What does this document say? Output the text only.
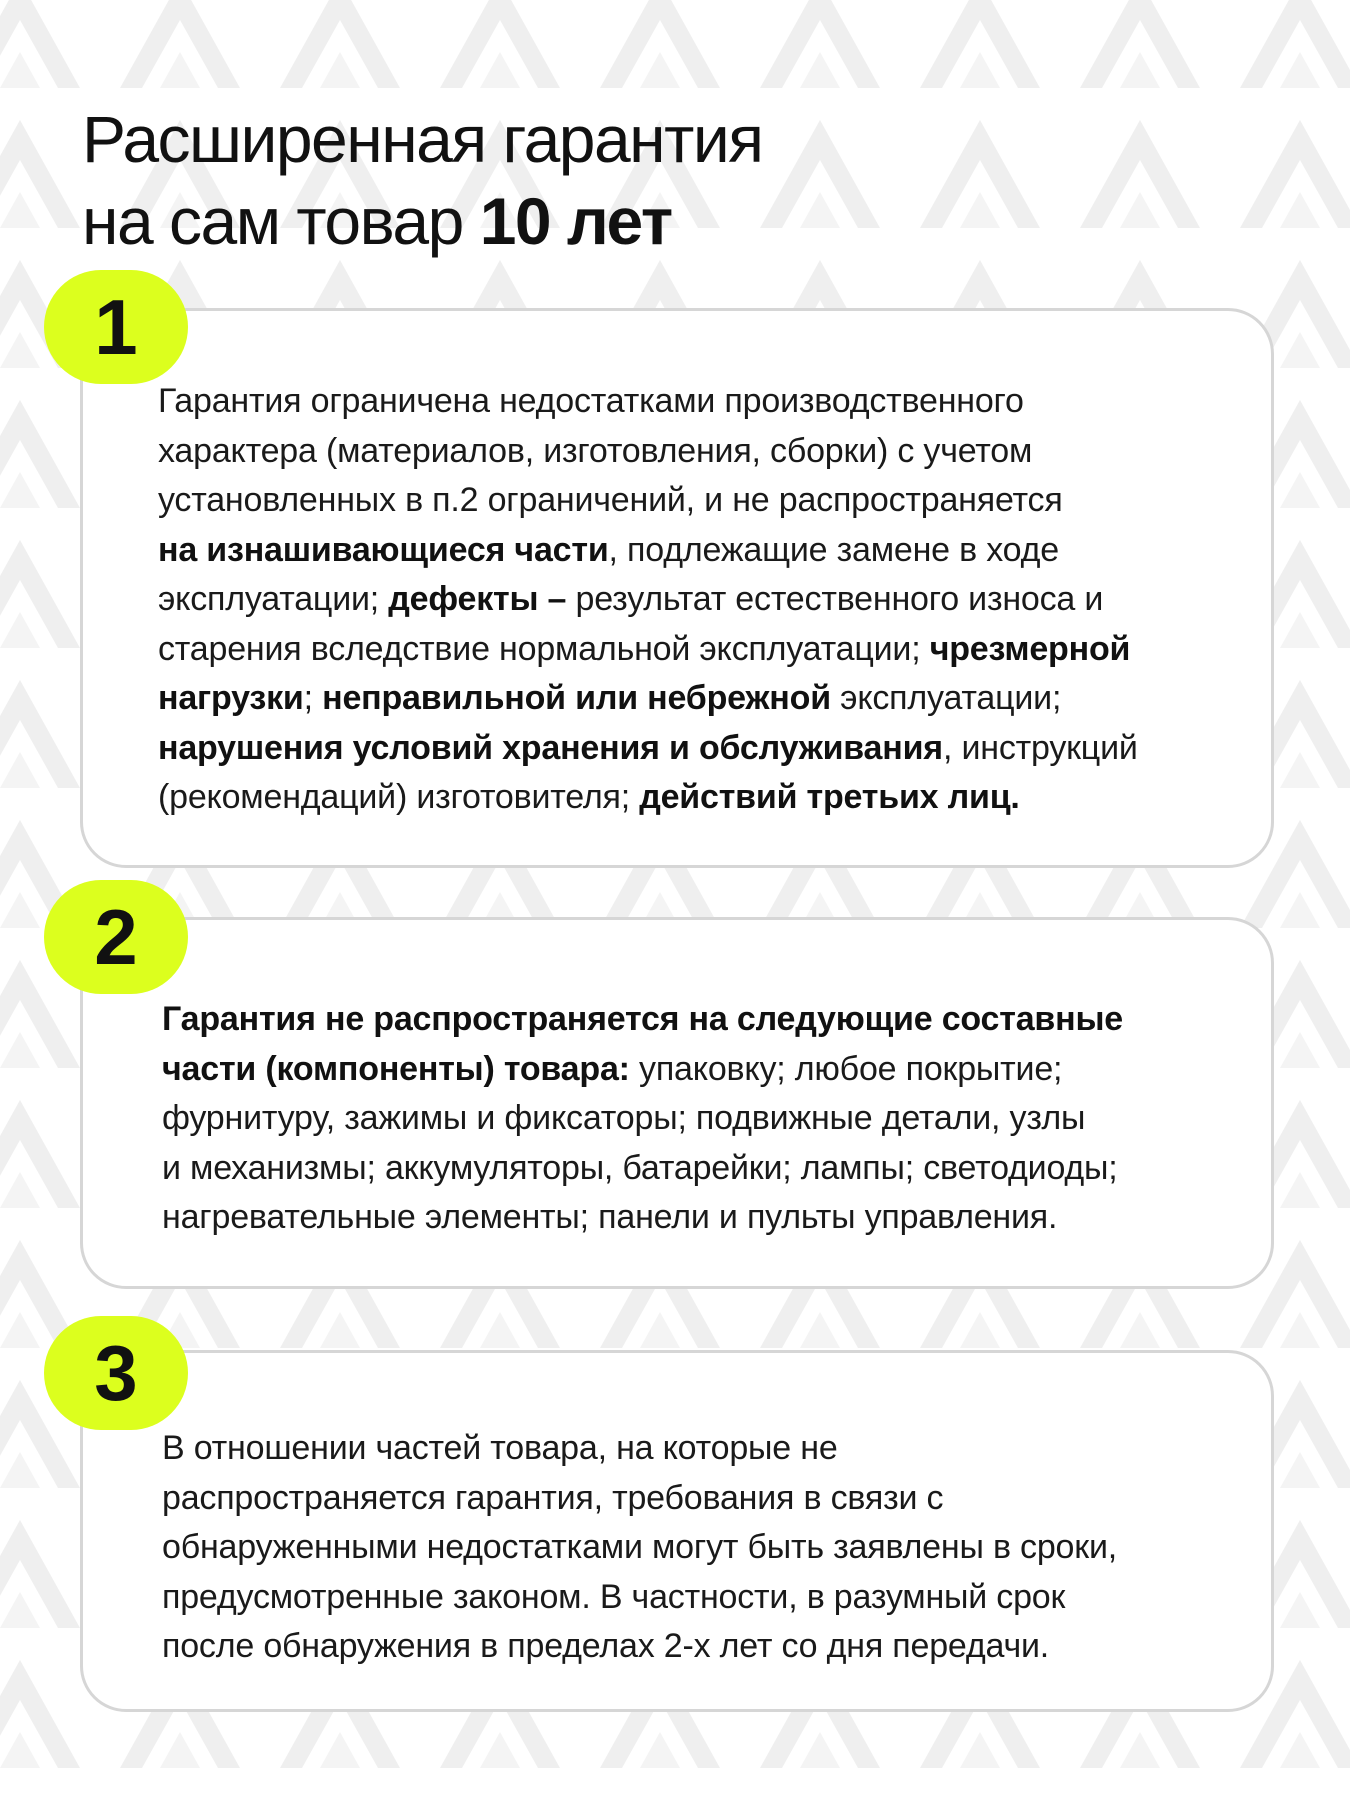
Расширенная гарантия
на сам товар 10 лет
1

Гарантия ограничена недостатками производственного
характера (материалов, изготовления, сборки) с учетом
установленных в п.2 ограничений, и не распространяется
на изнашивающиеся части, подлежащие замене в ходе
эксплуатации; дефекты – результат естественного износа и
старения вследствие нормальной эксплуатации; чрезмерной
нагрузки; неправильной или небрежной эксплуатации;
нарушения условий хранения и обслуживания, инструкций
(рекомендаций) изготовителя; действий третьих лиц.

2

Гарантия не распространяется на следующие составные
части (компоненты) товара: упаковку; любое покрытие;
фурнитуру, зажимы и фиксаторы; подвижные детали, узлы
и механизмы; аккумуляторы, батарейки; лампы; светодиоды;
нагревательные элементы; панели и пульты управления.

3

В отношении частей товара, на которые не
распространяется гарантия, требования в связи с
обнаруженными недостатками могут быть заявлены в сроки,
предусмотренные законом. В частности, в разумный срок
после обнаружения в пределах 2-х лет со дня передачи.
